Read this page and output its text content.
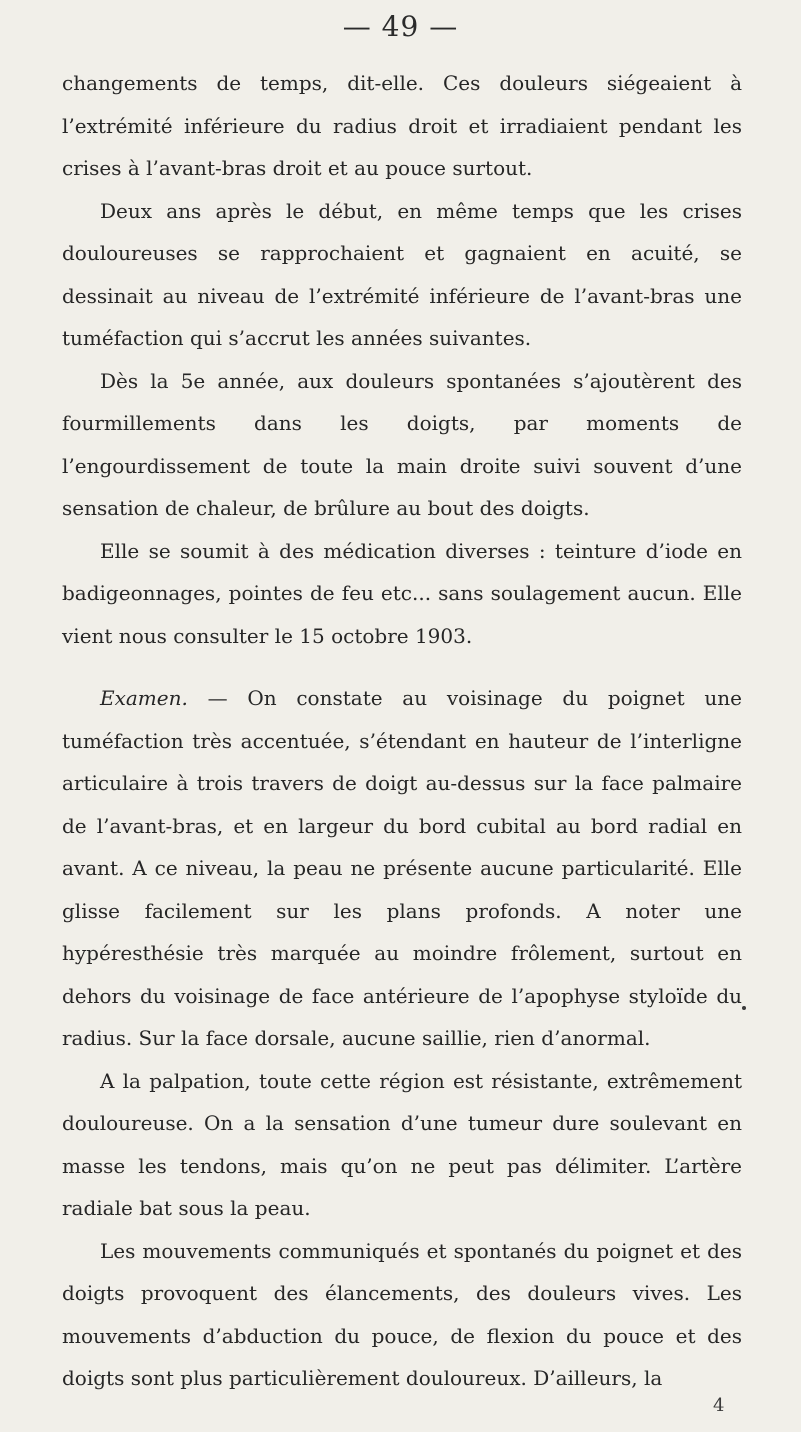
— 49 —

changements de temps, dit-elle. Ces douleurs siégeaient à l’extrémité inférieure du radius droit et irradiaient pendant les crises à l’avant-bras droit et au pouce surtout.

Deux ans après le début, en même temps que les crises douloureuses se rapprochaient et gagnaient en acuité, se dessinait au niveau de l’extrémité inférieure de l’avant-bras une tuméfaction qui s’accrut les années suivantes.

Dès la 5e année, aux douleurs spontanées s’ajoutèrent des fourmillements dans les doigts, par moments de l’engourdissement de toute la main droite suivi souvent d’une sensation de chaleur, de brûlure au bout des doigts.

Elle se soumit à des médication diverses : teinture d’iode en badigeonnages, pointes de feu etc... sans soulagement aucun. Elle vient nous consulter le 15 octobre 1903.

Examen. — On constate au voisinage du poignet une tuméfaction très accentuée, s’étendant en hauteur de l’interligne articulaire à trois travers de doigt au-dessus sur la face palmaire de l’avant-bras, et en largeur du bord cubital au bord radial en avant. A ce niveau, la peau ne présente aucune particularité. Elle glisse facilement sur les plans profonds. A noter une hypéresthésie très marquée au moindre frôlement, surtout en dehors du voisinage de face antérieure de l’apophyse styloïde du radius. Sur la face dorsale, aucune saillie, rien d’anormal.

A la palpation, toute cette région est résistante, extrêmement douloureuse. On a la sensation d’une tumeur dure soulevant en masse les tendons, mais qu’on ne peut pas délimiter. L’artère radiale bat sous la peau.

Les mouvements communiqués et spontanés du poignet et des doigts provoquent des élancements, des douleurs vives. Les mouvements d’abduction du pouce, de flexion du pouce et des doigts sont plus particulièrement douloureux. D’ailleurs, la

4
